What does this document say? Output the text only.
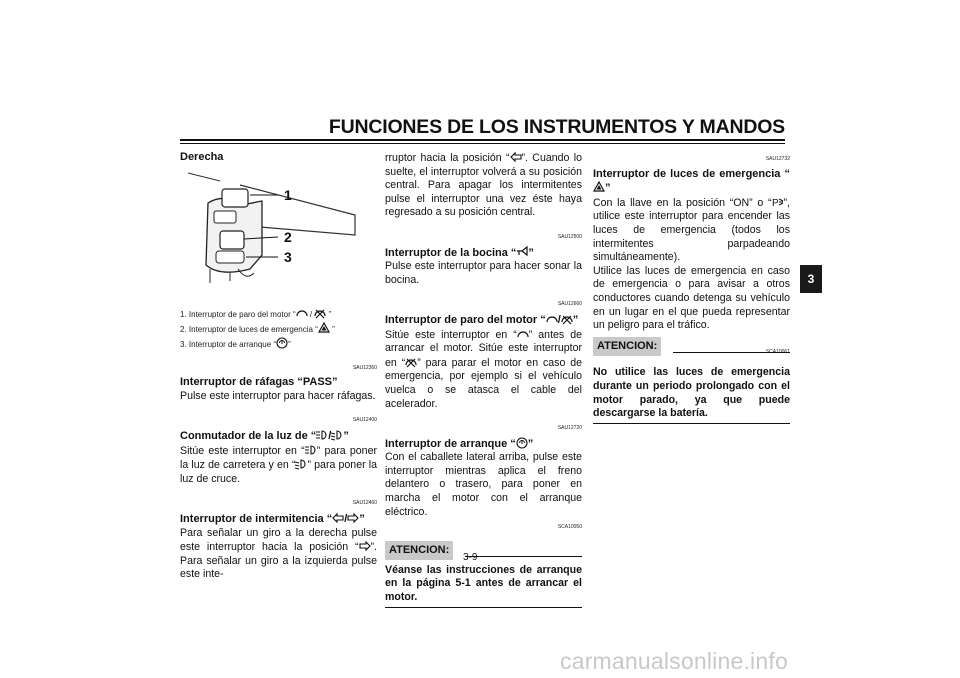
FUNCIONES DE LOS INSTRUMENTOS Y MANDOS
3

Derecha

1
2
3
1. Interruptor de paro del motor “ /  ”
2. Interruptor de luces de emergencia “ ”
3. Interruptor de arranque “ ”
SAU12360

Interruptor de ráfagas “PASS”

Pulse este interruptor para hacer ráfagas.

SAU12400

Conmutador de la luz de “ / ”

Sitúe este interruptor en “ ” para poner la luz de carretera y en “ ” para poner la luz de cruce.

SAU12460

Interruptor de intermitencia “ / ”

Para señalar un giro a la derecha pulse este interruptor hacia la posición “ ”. Para señalar un giro a la izquierda pulse este inte-

rruptor hacia la posición “ ”. Cuando lo suelte, el interruptor volverá a su posición central. Para apagar los intermitentes pulse el interruptor una vez éste haya regresado a su posición central.

SAU12500

Interruptor de la bocina “ ”

Pulse este interruptor para hacer sonar la bocina.

SAU12660

Interruptor de paro del motor “ / ”

Sitúe este interruptor en “ ” antes de arrancar el motor. Sitúe este interruptor en “ ” para parar el motor en caso de emergencia, por ejemplo si el vehículo vuelca o se atasca el cable del acelerador.

SAU12720

Interruptor de arranque “ ”

Con el caballete lateral arriba, pulse este interruptor mientras aplica el freno delantero o trasero, para poner en marcha el motor con el arranque eléctrico.

SCA10050
ATENCION:

Véanse las instrucciones de arranque en la página 5-1 antes de arrancar el motor.

SAU12732

Interruptor de luces de emergencia “”

Con la llave en la posición “ON” o “ ”, utilice este interruptor para encender las luces de emergencia (todos los intermitentes parpadeando simultáneamente).

Utilice las luces de emergencia en caso de emergencia o para avisar a otros conductores cuando detenga su vehículo en un lugar en el que pueda representar un peligro para el tráfico.

ATENCION:

No utilice las luces de emergencia durante un periodo prolongado con el motor parado, ya que puede descargarse la batería.

3-9
carmanualsonline.info
